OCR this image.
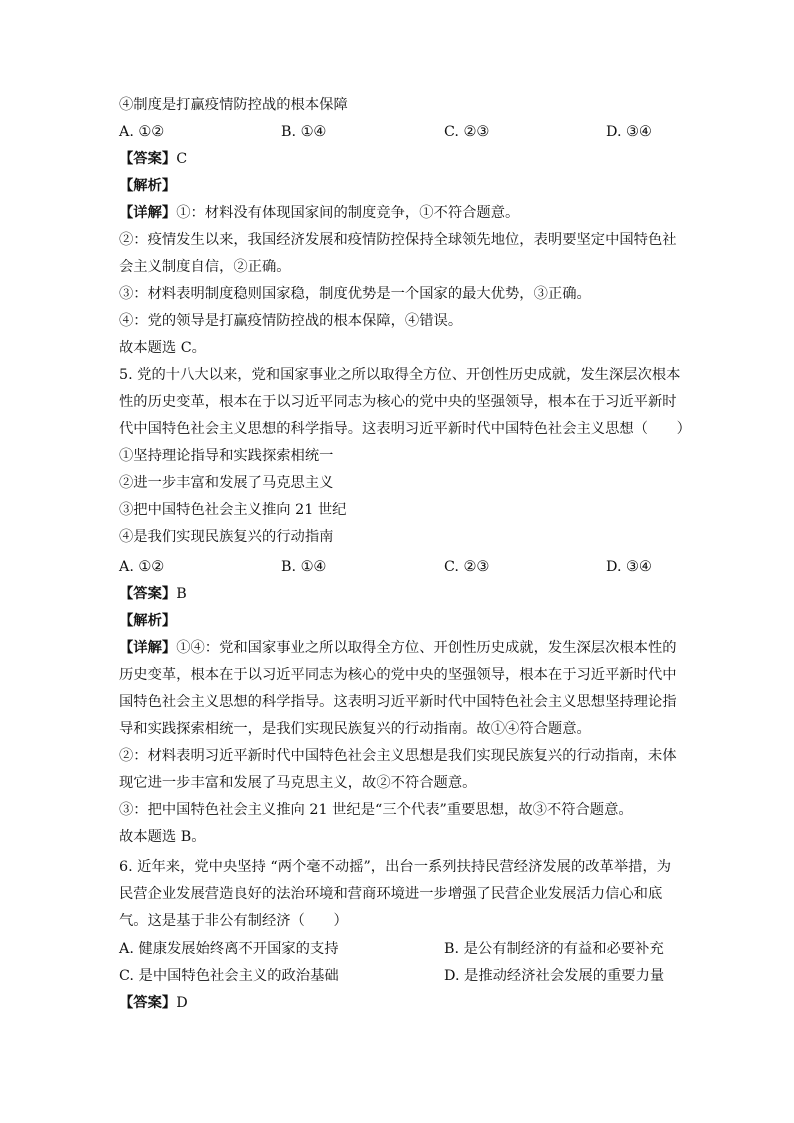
④制度是打赢疫情防控战的根本保障
A. ①②	B. ①④	C. ②③	D. ③④
【答案】C
【解析】
【详解】①：材料没有体现国家间的制度竞争，①不符合题意。
②：疫情发生以来，我国经济发展和疫情防控保持全球领先地位，表明要坚定中国特色社
会主义制度自信，②正确。
③：材料表明制度稳则国家稳，制度优势是一个国家的最大优势，③正确。
④：党的领导是打赢疫情防控战的根本保障，④错误。
故本题选 C。
5. 党的十八大以来，党和国家事业之所以取得全方位、开创性历史成就，发生深层次根本
性的历史变革，根本在于以习近平同志为核心的党中央的坚强领导，根本在于习近平新时
代中国特色社会主义思想的科学指导。这表明习近平新时代中国特色社会主义思想（　　）
①坚持理论指导和实践探索相统一
②进一步丰富和发展了马克思主义
③把中国特色社会主义推向 21 世纪
④是我们实现民族复兴的行动指南
A. ①②	B. ①④	C. ②③	D. ③④
【答案】B
【解析】
【详解】①④：党和国家事业之所以取得全方位、开创性历史成就，发生深层次根本性的
历史变革，根本在于以习近平同志为核心的党中央的坚强领导，根本在于习近平新时代中
国特色社会主义思想的科学指导。这表明习近平新时代中国特色社会主义思想坚持理论指
导和实践探索相统一，是我们实现民族复兴的行动指南。故①④符合题意。
②：材料表明习近平新时代中国特色社会主义思想是我们实现民族复兴的行动指南，未体
现它进一步丰富和发展了马克思主义，故②不符合题意。
③：把中国特色社会主义推向 21 世纪是“三个代表”重要思想，故③不符合题意。
故本题选 B。
6. 近年来，党中央坚持 “两个毫不动摇”，出台一系列扶持民营经济发展的改革举措，为
民营企业发展营造良好的法治环境和营商环境进一步增强了民营企业发展活力信心和底
气。这是基于非公有制经济（　　）
A. 健康发展始终离不开国家的支持	B. 是公有制经济的有益和必要补充
C. 是中国特色社会主义的政治基础	D. 是推动经济社会发展的重要力量
【答案】D
